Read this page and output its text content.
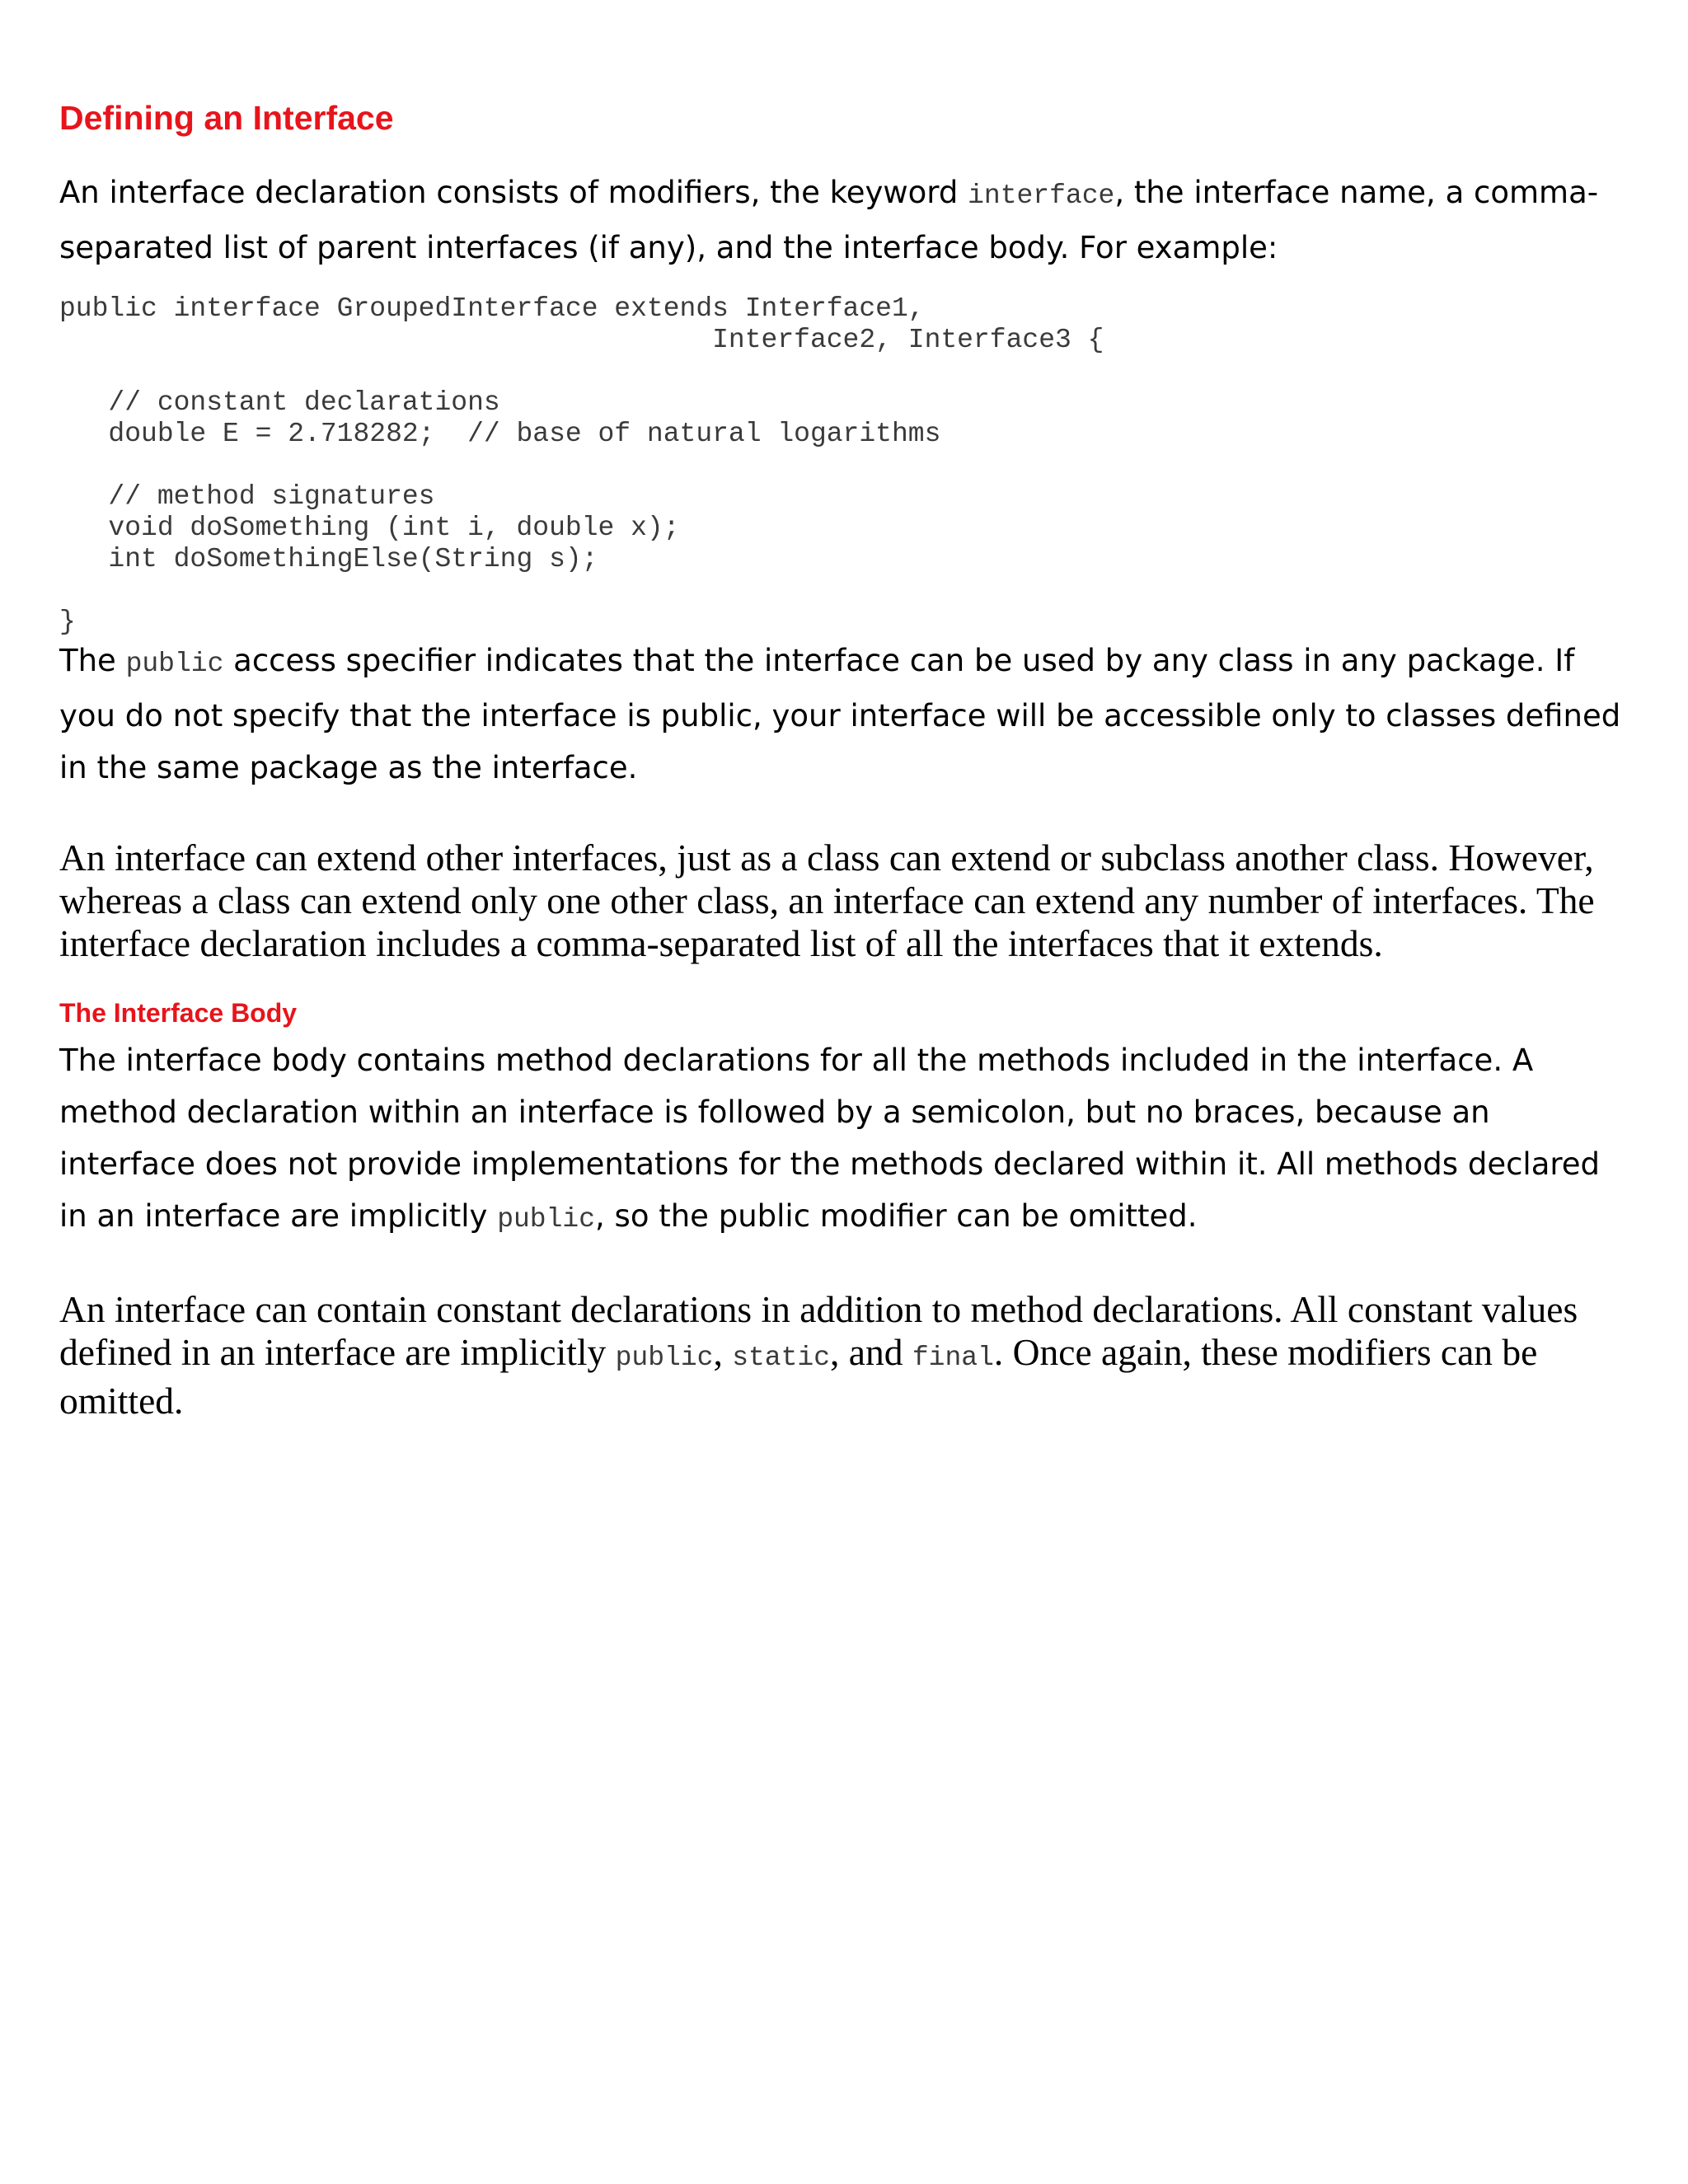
Defining an Interface

An interface declaration consists of modifiers, the keyword interface, the interface name, a comma-separated list of parent interfaces (if any), and the interface body. For example:

public interface GroupedInterface extends Interface1,
Interface2, Interface3 {

// constant declarations
double E = 2.718282;  // base of natural logarithms

// method signatures
void doSomething (int i, double x);
int doSomethingElse(String s);

}

The public access specifier indicates that the interface can be used by any class in any package. If you do not specify that the interface is public, your interface will be accessible only to classes defined in the same package as the interface.

An interface can extend other interfaces, just as a class can extend or subclass another class. However, whereas a class can extend only one other class, an interface can extend any number of interfaces. The interface declaration includes a comma-separated list of all the interfaces that it extends.

The Interface Body

The interface body contains method declarations for all the methods included in the interface. A method declaration within an interface is followed by a semicolon, but no braces, because an interface does not provide implementations for the methods declared within it. All methods declared in an interface are implicitly public, so the public modifier can be omitted.

An interface can contain constant declarations in addition to method declarations. All constant values defined in an interface are implicitly public, static, and final. Once again, these modifiers can be omitted.
